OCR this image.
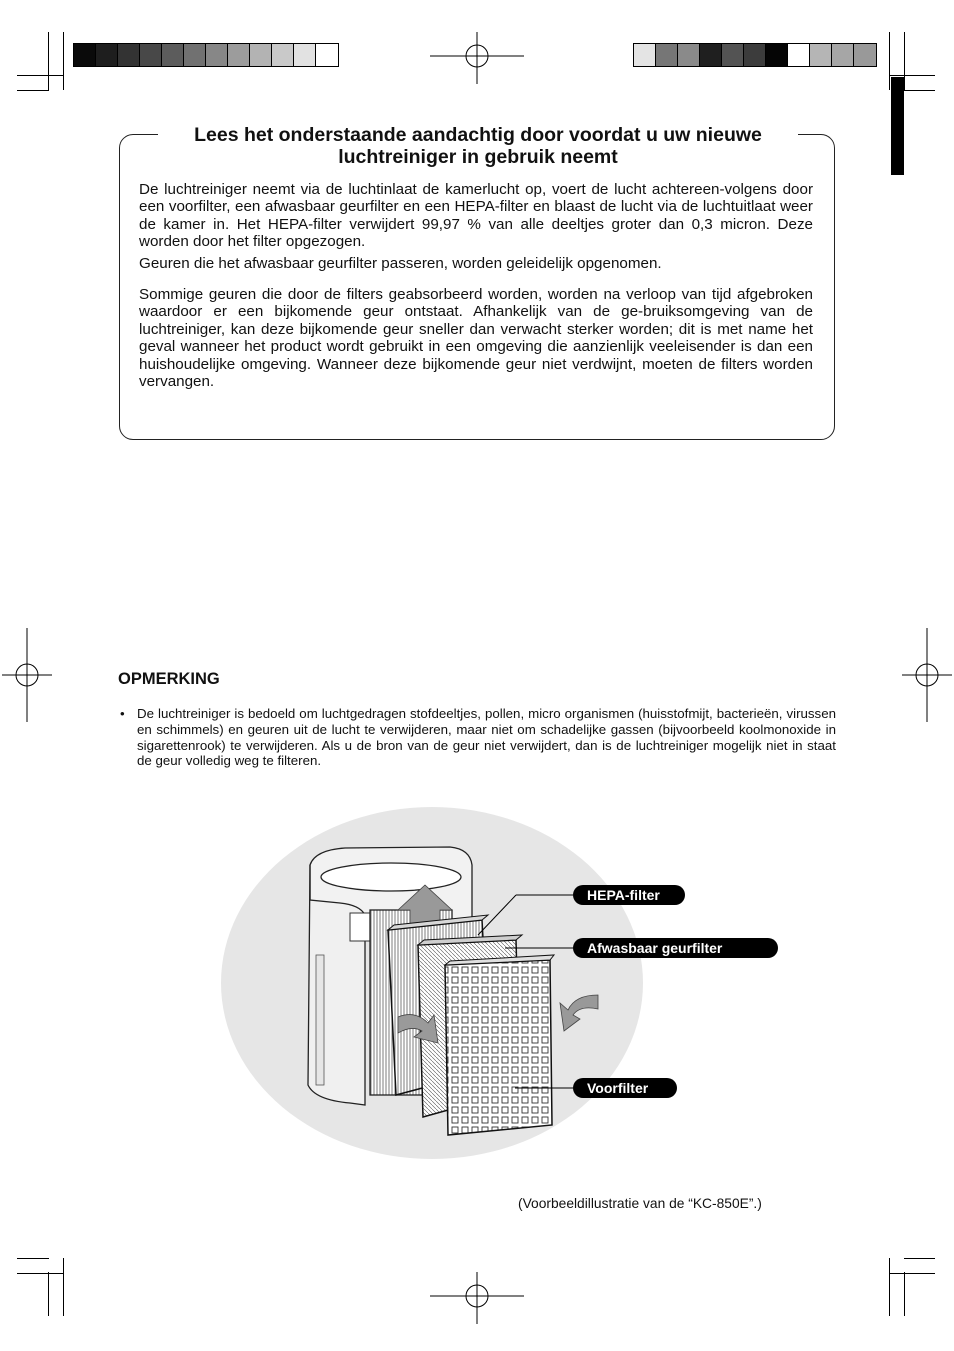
Lees het onderstaande aandachtig door voordat u uw nieuwe
luchtreiniger in gebruik neemt

De luchtreiniger neemt via de luchtinlaat de kamerlucht op, voert de lucht achtereen-volgens door een voorfilter, een afwasbaar geurfilter en een HEPA-filter en blaast de lucht via de luchtuitlaat weer de kamer in. Het HEPA-filter verwijdert 99,97 % van alle deeltjes groter dan 0,3 micron. Deze worden door het filter opgezogen.

Geuren die het afwasbaar geurfilter passeren, worden geleidelijk opgenomen.

Sommige geuren die door de filters geabsorbeerd worden, worden na verloop van tijd afgebroken waardoor er een bijkomende geur ontstaat. Afhankelijk van de ge-bruiksomgeving van de luchtreiniger, kan deze bijkomende geur sneller dan verwacht sterker worden; dit is met name het geval wanneer het product wordt gebruikt in een omgeving die aanzienlijk veeleisender is dan een huishoudelijke omgeving. Wanneer deze bijkomende geur niet verdwijnt, moeten de filters worden vervangen.

OPMERKING
• De luchtreiniger is bedoeld om luchtgedragen stofdeeltjes, pollen, micro organismen (huisstofmijt, bacterieën, virussen en schimmels) en geuren uit de lucht te verwijderen, maar niet om schadelijke gassen (bijvoorbeeld koolmonoxide in sigarettenrook) te verwijderen. Als u de bron van de geur niet verwijdert, dan is de luchtreiniger mogelijk niet in staat de geur volledig weg te filteren.
HEPA-filter
Afwasbaar geurfilter
Voorfilter
(Voorbeeldillustratie van de “KC-850E”.)
